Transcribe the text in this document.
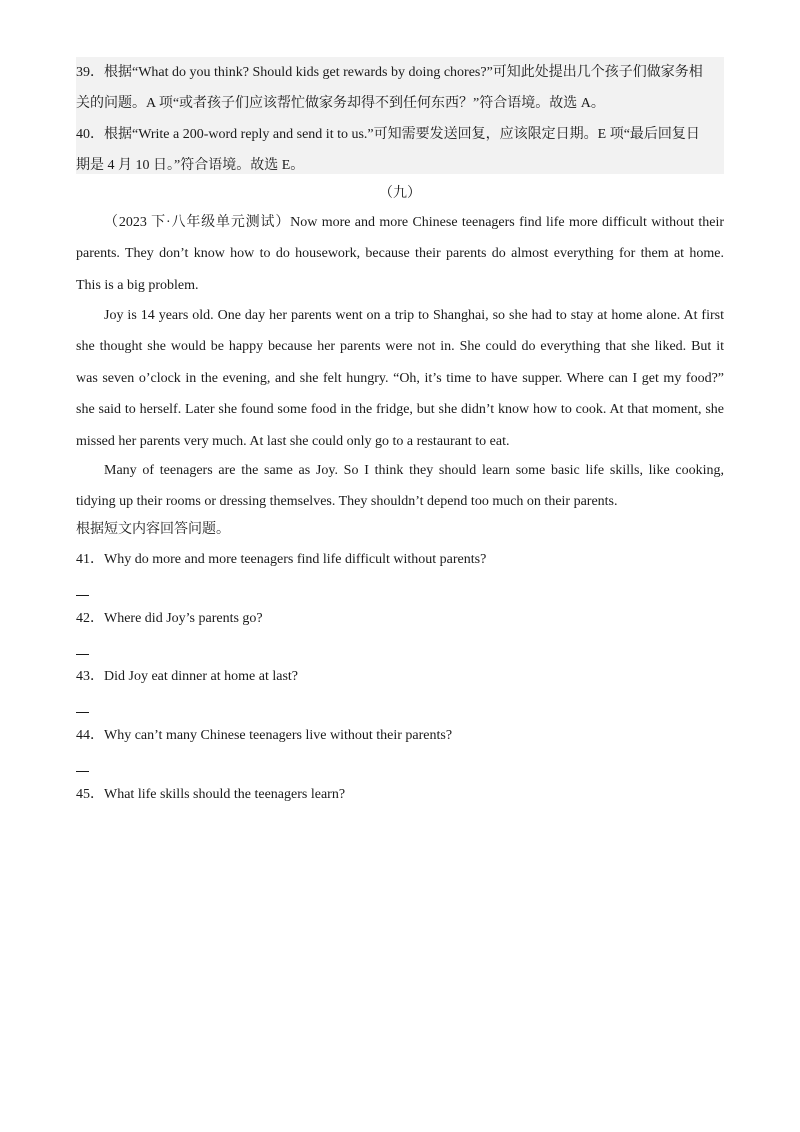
39．根据“What do you think? Should kids get rewards by doing chores?”可知此处提出几个孩子们做家务相
关的问题。A 项“或者孩子们应该帮忙做家务却得不到任何东西？”符合语境。故选 A。
40．根据“Write a 200-word reply and send it to us.”可知需要发送回复，应该限定日期。E 项“最后回复日
期是 4 月 10 日。”符合语境。故选 E。
（九）
（2023 下·八年级单元测试）Now more and more Chinese teenagers find life more difficult without their
parents. They don’t know how to do housework, because their parents do almost everything for them at home.
This is a big problem.
Joy is 14 years old. One day her parents went on a trip to Shanghai, so she had to stay at home alone. At first
she thought she would be happy because her parents were not in. She could do everything that she liked. But it
was seven o’clock in the evening, and she felt hungry. “Oh, it’s time to have supper. Where can I get my food?”
she said to herself. Later she found some food in the fridge, but she didn’t know how to cook. At that moment, she
missed her parents very much. At last she could only go to a restaurant to eat.
Many of teenagers are the same as Joy. So I think they should learn some basic life skills, like cooking,
tidying up their rooms or dressing themselves. They shouldn’t depend too much on their parents.
根据短文内容回答问题。
41．Why do more and more teenagers find life difficult without parents?
42．Where did Joy’s parents go?
43．Did Joy eat dinner at home at last?
44．Why can’t many Chinese teenagers live without their parents?
45．What life skills should the teenagers learn?
